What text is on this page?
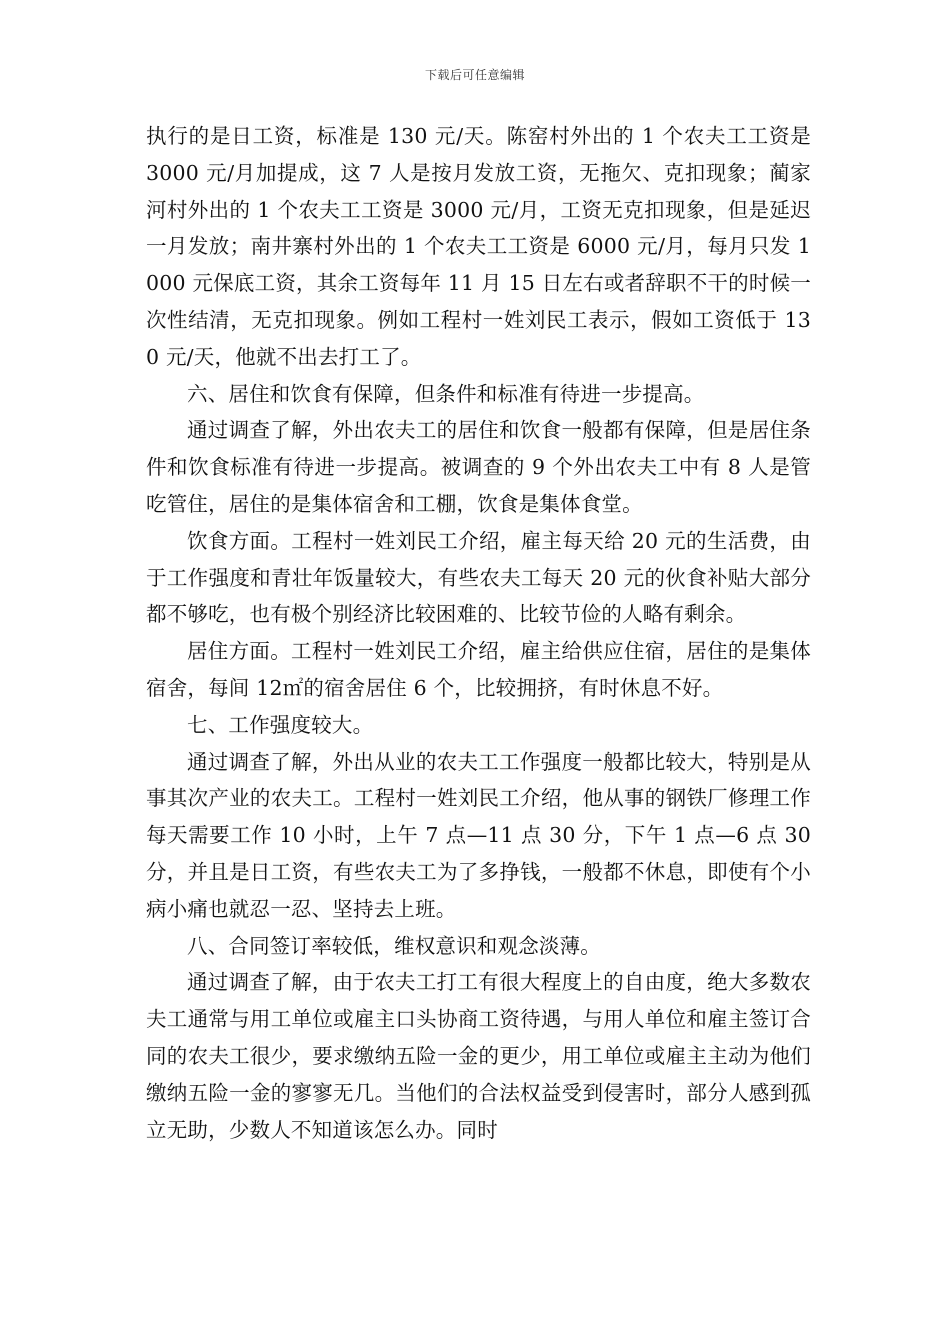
下载后可任意编辑

执行的是日工资，标准是 130 元/天。陈窑村外出的 1 个农夫工工资是 3000 元/月加提成，这 7 人是按月发放工资，无拖欠、克扣现象；蔺家河村外出的 1 个农夫工工资是 3000 元/月，工资无克扣现象，但是延迟一月发放；南井寨村外出的 1 个农夫工工资是 6000 元/月，每月只发 1000 元保底工资，其余工资每年 11 月 15 日左右或者辞职不干的时候一次性结清，无克扣现象。例如工程村一姓刘民工表示，假如工资低于 130 元/天，他就不出去打工了。

六、居住和饮食有保障，但条件和标准有待进一步提高。

通过调查了解，外出农夫工的居住和饮食一般都有保障，但是居住条件和饮食标准有待进一步提高。被调查的 9 个外出农夫工中有 8 人是管吃管住，居住的是集体宿舍和工棚，饮食是集体食堂。

饮食方面。工程村一姓刘民工介绍，雇主每天给 20 元的生活费，由于工作强度和青壮年饭量较大，有些农夫工每天 20 元的伙食补贴大部分都不够吃，也有极个别经济比较困难的、比较节俭的人略有剩余。

居住方面。工程村一姓刘民工介绍，雇主给供应住宿，居住的是集体宿舍，每间 12㎡的宿舍居住 6 个，比较拥挤，有时休息不好。

七、工作强度较大。

通过调查了解，外出从业的农夫工工作强度一般都比较大，特别是从事其次产业的农夫工。工程村一姓刘民工介绍，他从事的钢铁厂修理工作每天需要工作 10 小时，上午 7 点—11 点 30 分，下午 1 点—6 点 30 分，并且是日工资，有些农夫工为了多挣钱，一般都不休息，即使有个小病小痛也就忍一忍、坚持去上班。

八、合同签订率较低，维权意识和观念淡薄。

通过调查了解，由于农夫工打工有很大程度上的自由度，绝大多数农夫工通常与用工单位或雇主口头协商工资待遇，与用人单位和雇主签订合同的农夫工很少，要求缴纳五险一金的更少，用工单位或雇主主动为他们缴纳五险一金的寥寥无几。当他们的合法权益受到侵害时，部分人感到孤立无助，少数人不知道该怎么办。同时
